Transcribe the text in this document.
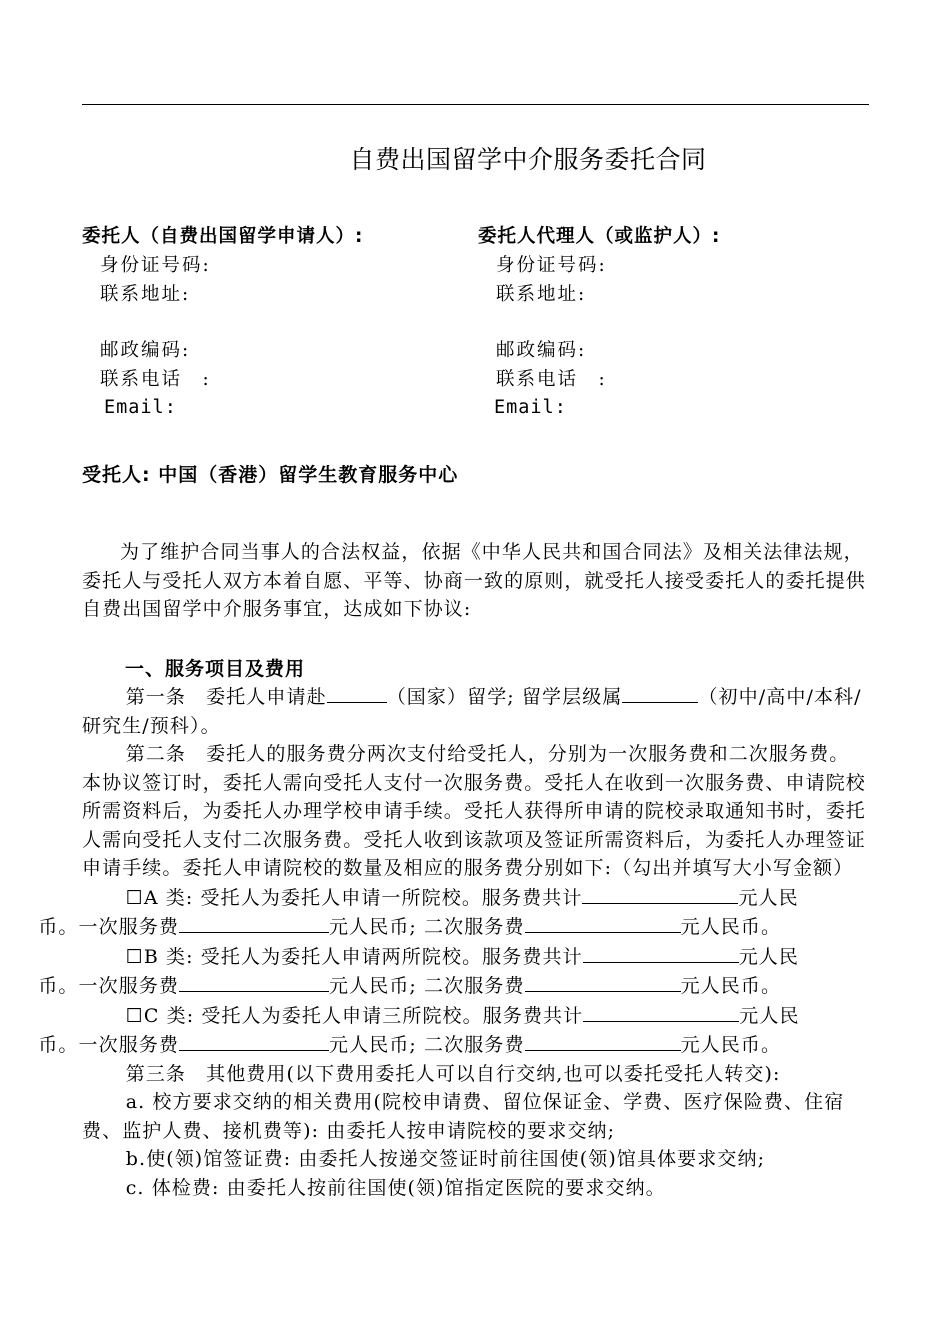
自费出国留学中介服务委托合同
委托人（自费出国留学申请人）:
身份证号码:
联系地址:
邮政编码:
联系电话　:
Email:
委托人代理人（或监护人）:
身份证号码:
联系地址:
邮政编码:
联系电话　:
Email:
受托人: 中国（香港）留学生教育服务中心
为了维护合同当事人的合法权益，依据《中华人民共和国合同法》及相关法律法规，委托人与受托人双方本着自愿、平等、协商一致的原则，就受托人接受委托人的委托提供自费出国留学中介服务事宜，达成如下协议:
一、服务项目及费用
第一条　委托人申请赴	（国家）留学; 留学层级属	（初中/高中/本科/研究生/预科）。
第二条　委托人的服务费分两次支付给受托人，分别为一次服务费和二次服务费。本协议签订时，委托人需向受托人支付一次服务费。受托人在收到一次服务费、申请院校所需资料后，为委托人办理学校申请手续。受托人获得所申请的院校录取通知书时，委托人需向受托人支付二次服务费。受托人收到该款项及签证所需资料后，为委托人办理签证申请手续。委托人申请院校的数量及相应的服务费分别如下:（勾出并填写大小写金额）
☐A 类: 受托人为委托人申请一所院校。服务费共计	元人民
币。一次服务费	元人民币; 二次服务费	元人民币。
☐B 类: 受托人为委托人申请两所院校。服务费共计	元人民
币。一次服务费	元人民币; 二次服务费	元人民币。
☐C 类: 受托人为委托人申请三所院校。服务费共计	元人民
币。一次服务费	元人民币; 二次服务费	元人民币。
第三条　其他费用(以下费用委托人可以自行交纳,也可以委托受托人转交):
a. 校方要求交纳的相关费用(院校申请费、留位保证金、学费、医疗保险费、住宿费、监护人费、接机费等): 由委托人按申请院校的要求交纳;
b.使(领)馆签证费: 由委托人按递交签证时前往国使(领)馆具体要求交纳;
c. 体检费: 由委托人按前往国使(领)馆指定医院的要求交纳。
